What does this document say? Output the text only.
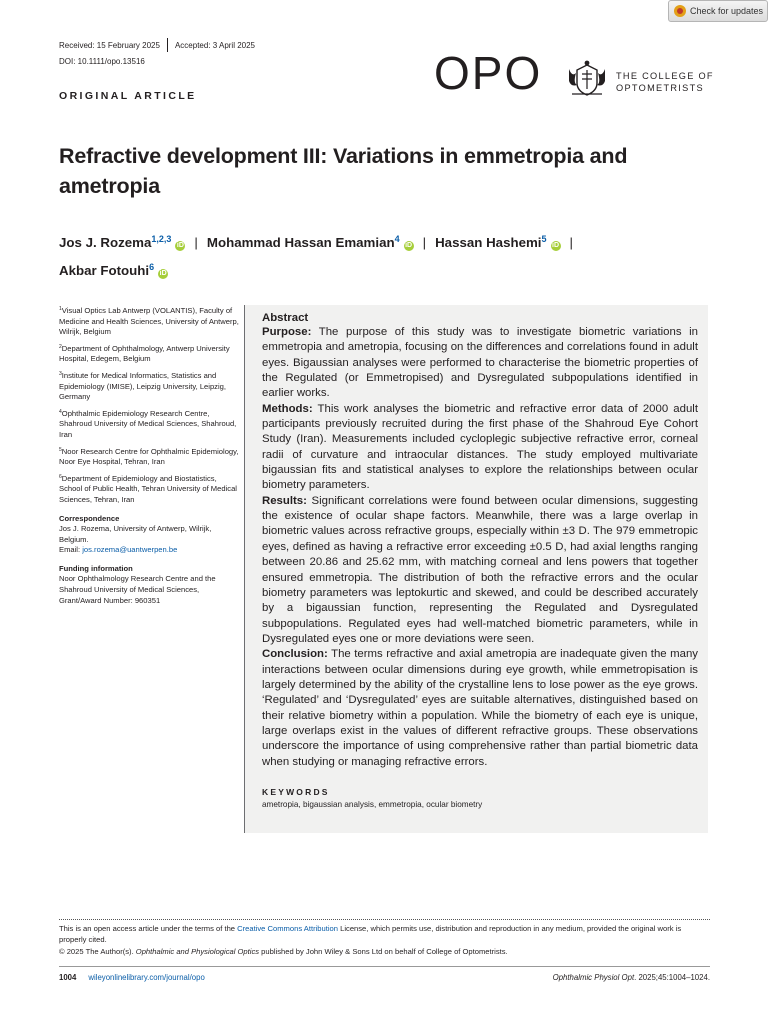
Check for updates
Received: 15 February 2025 Accepted: 3 April 2025
DOI: 10.1111/opo.13516
ORIGINAL ARTICLE	OPO	THE COLLEGE OF
OPTOMETRISTS
Refractive development III: Variations in emmetropia and ametropia
Jos J. Rozema$^{1,2,3}$iD | Mohammad Hassan Emamian$^4$iD | Hassan Hashemi$^5$iD |
Akbar Fotouhi$^6$iD
$^1$Visual Optics Lab Antwerp (VOLANTIS), Faculty of Medicine and Health Sciences, University of Antwerp, Wilrijk, Belgium
$^2$Department of Ophthalmology, Antwerp University Hospital, Edegem, Belgium
$^3$Institute for Medical Informatics, Statistics and Epidemiology (IMISE), Leipzig University, Leipzig, Germany
$^4$Ophthalmic Epidemiology Research Centre, Shahroud University of Medical Sciences, Shahroud, Iran
$^5$Noor Research Centre for Ophthalmic Epidemiology, Noor Eye Hospital, Tehran, Iran
$^6$Department of Epidemiology and Biostatistics, School of Public Health, Tehran University of Medical Sciences, Tehran, Iran
Correspondence
Jos J. Rozema, University of Antwerp, Wilrijk, Belgium.
Email: jos.rozema@uantwerpen.be
Funding information
Noor Ophthalmology Research Centre and the Shahroud University of Medical Sciences, Grant/Award Number: 960351
Abstract
Purpose: The purpose of this study was to investigate biometric variations in emmetropia and ametropia, focusing on the differences and correlations found in adult eyes. Bigaussian analyses were performed to characterise the biometric properties of the Regulated (or Emmetropised) and Dysregulated subpopulations identified in earlier works.
Methods: This work analyses the biometric and refractive error data of 2000 adult participants previously recruited during the first phase of the Shahroud Eye Cohort Study (Iran). Measurements included cycloplegic subjective refractive error, corneal radii of curvature and intraocular distances. The study employed multivariate bigaussian fits and statistical analyses to explore the relationships between ocular biometry parameters.
Results: Significant correlations were found between ocular dimensions, suggesting the existence of ocular shape factors. Meanwhile, there was a large overlap in biometric values across refractive groups, especially within ±3 D. The 979 emmetropic eyes, defined as having a refractive error exceeding ±0.5 D, had axial lengths ranging between 20.86 and 25.62 mm, with matching corneal and lens powers that together ensured emmetropia. The distribution of both the refractive errors and the ocular biometry parameters was leptokurtic and skewed, and could be described accurately by a bigaussian function, representing the Regulated and Dysregulated subpopulations. Regulated eyes had well-matched biometric parameters, while in Dysregulated eyes one or more deviations were seen.
Conclusion: The terms refractive and axial ametropia are inadequate given the many interactions between ocular dimensions during eye growth, while emmetropisation is largely determined by the ability of the crystalline lens to lose power as the eye grows. ‘Regulated’ and ‘Dysregulated’ eyes are suitable alternatives, distinguished based on their relative biometry within a population. While the biometry of each eye is unique, large overlaps exist in the values of different refractive groups. These observations underscore the importance of using comprehensive rather than partial biometric data when studying or managing refractive errors.
KEYWORDS
ametropia, bigaussian analysis, emmetropia, ocular biometry
This is an open access article under the terms of the Creative Commons Attribution License, which permits use, distribution and reproduction in any medium, provided the original work is properly cited.
© 2025 The Author(s). Ophthalmic and Physiological Optics published by John Wiley & Sons Ltd on behalf of College of Optometrists.
1004 wileyonlinelibrary.com/journal/opo	Ophthalmic Physiol Opt. 2025;45:1004–1024.
